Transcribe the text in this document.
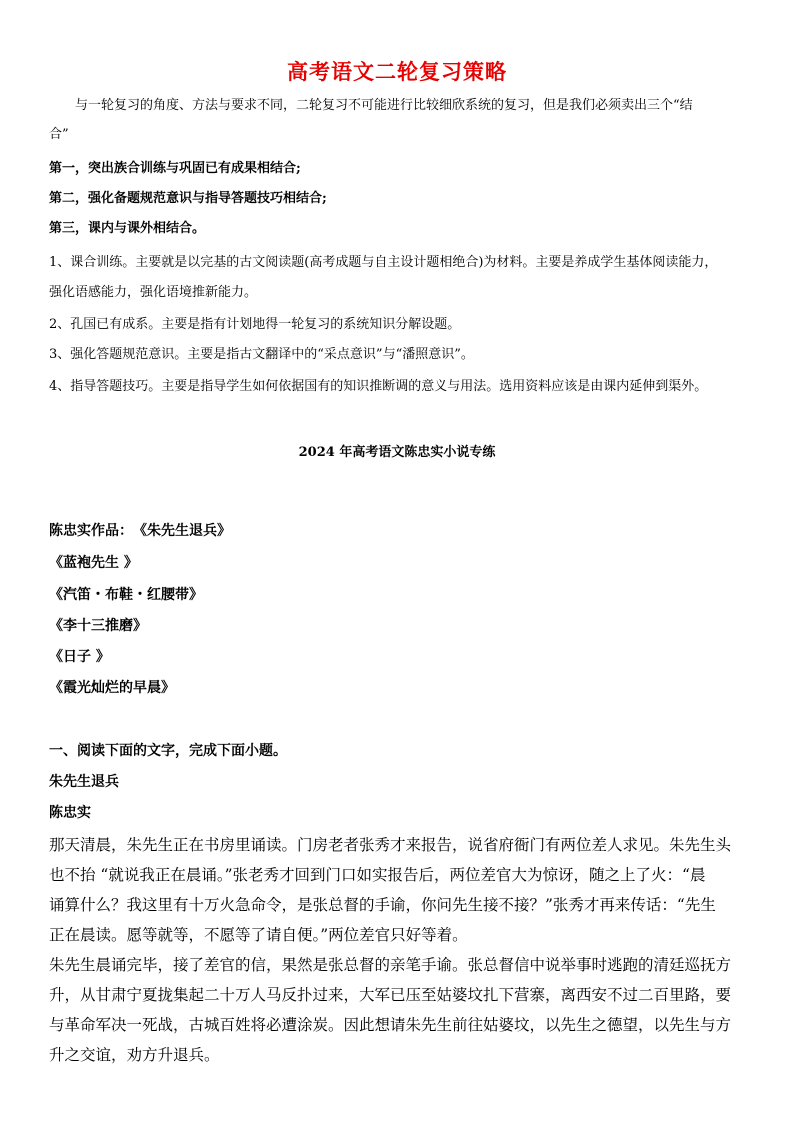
高考语文二轮复习策略
与一轮复习的角度、方法与要求不同，二轮复习不可能进行比较细欣系统的复习，但是我们必须卖出三个“结
合”
第一，突出族合训练与巩固已有成果相结合;
第二，强化备题规范意识与指导答题技巧相结合;
第三，课内与课外相结合。
1、课合训练。主要就是以完基的古文阅读题(高考成题与自主设计题相绝合)为材料。主要是养成学生基体阅读能力，
强化语感能力，强化语境推新能力。
2、孔国已有成系。主要是指有计划地得一轮复习的系统知识分解设题。
3、强化答题规范意识。主要是指古文翻译中的“采点意识”与“潘照意识”。
4、指导答题技巧。主要是指导学生如何依据国有的知识推断调的意义与用法。选用资料应该是由课内延伸到渠外。
2024 年高考语文陈忠实小说专练
陈忠实作品：　《朱先生退兵》
《蓝袍先生 》
《汽笛・布鞋・红腰带》
《李十三推磨》
《日子 》
《霞光灿烂的早晨》
一、阅读下面的文字，完成下面小题。
朱先生退兵
陈忠实
那天清晨，朱先生正在书房里诵读。门房老者张秀才来报告，说省府衙门有两位差人求见。朱先生头
也不抬 “就说我正在晨诵。”张老秀才回到门口如实报告后，两位差官大为惊讶，随之上了火：“晨
诵算什么？我这里有十万火急命令，是张总督的手谕，你问先生接不接？”张秀才再来传话：“先生
正在晨读。愿等就等，不愿等了请自便。”两位差官只好等着。
朱先生晨诵完毕，接了差官的信，果然是张总督的亲笔手谕。张总督信中说举事时逃跑的清廷巡抚方
升，从甘肃宁夏拢集起二十万人马反扑过来，大军已压至姑婆坟扎下营寨，离西安不过二百里路，要
与革命军决一死战，古城百姓将必遭涂炭。因此想请朱先生前往姑婆坟，以先生之德望，以先生与方
升之交谊，劝方升退兵。
